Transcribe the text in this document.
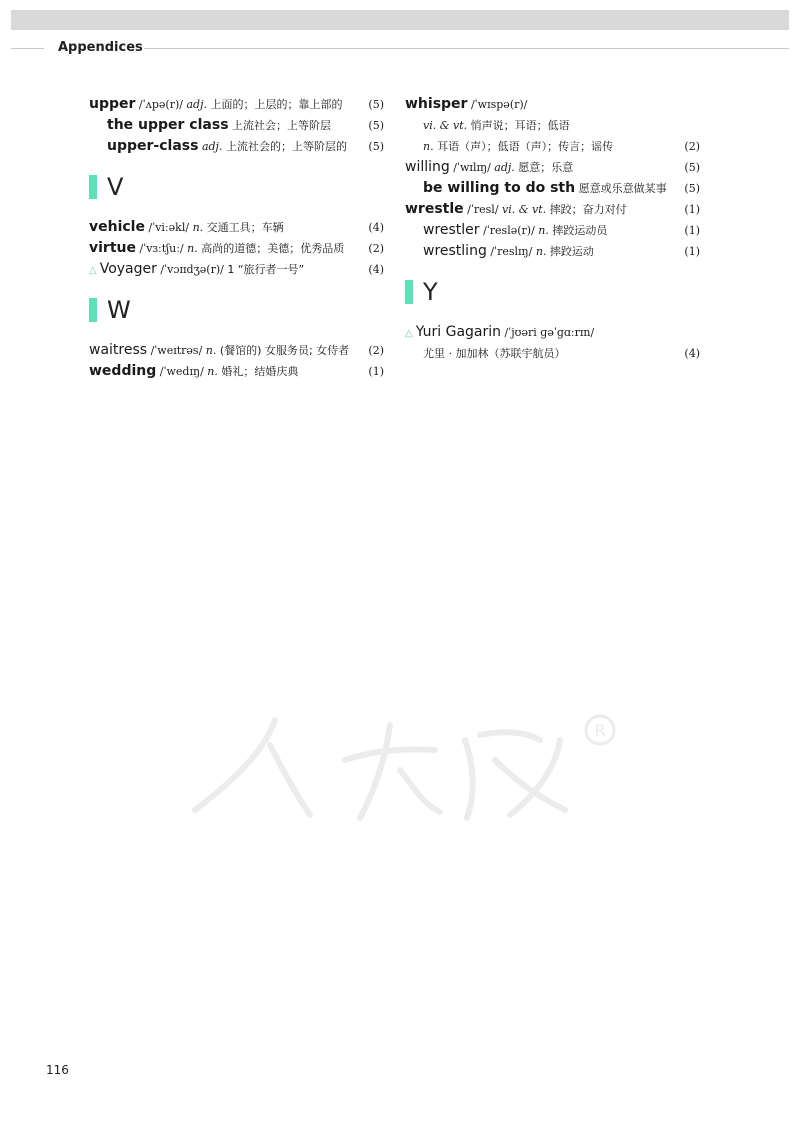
Appendices
upper /ˈʌpə(r)/ adj. 上面的；上层的；靠上部的 (5)
the upper class 上流社会；上等阶层	(5)
upper-class adj. 上流社会的；上等阶层的 (5)
V
vehicle /ˈviːəkl/ n. 交通工具；车辆	(4)
virtue /ˈvɜːtʃuː/ n. 高尚的道德；美德；优秀品质 (2)
△ Voyager /ˈvɔɪɪdʒə(r)/ 1 “旅行者一号”	(4)
W
waitress /ˈweɪtrəs/ n. (餐馆的) 女服务员; 女侍者 (2)
wedding /ˈwedɪŋ/ n. 婚礼；结婚庆典	(1)
whisper /ˈwɪspə(r)/
vi. & vt. 悄声说；耳语；低语
n. 耳语（声）；低语（声）；传言；谣传	(2)
willing /ˈwɪlɪŋ/ adj. 愿意；乐意	(5)
be willing to do sth 愿意或乐意做某事 (5)
wrestle /ˈresl/ vi. & vt. 摔跤；奋力对付	(1)
wrestler /ˈreslə(r)/ n. 摔跤运动员	(1)
wrestling /ˈreslɪŋ/ n. 摔跤运动	(1)
Y
△ Yuri Gagarin /ˈjʊəri ɡəˈɡɑːrɪn/
尤里 · 加加林（苏联宇航员）	(4)
R
116
